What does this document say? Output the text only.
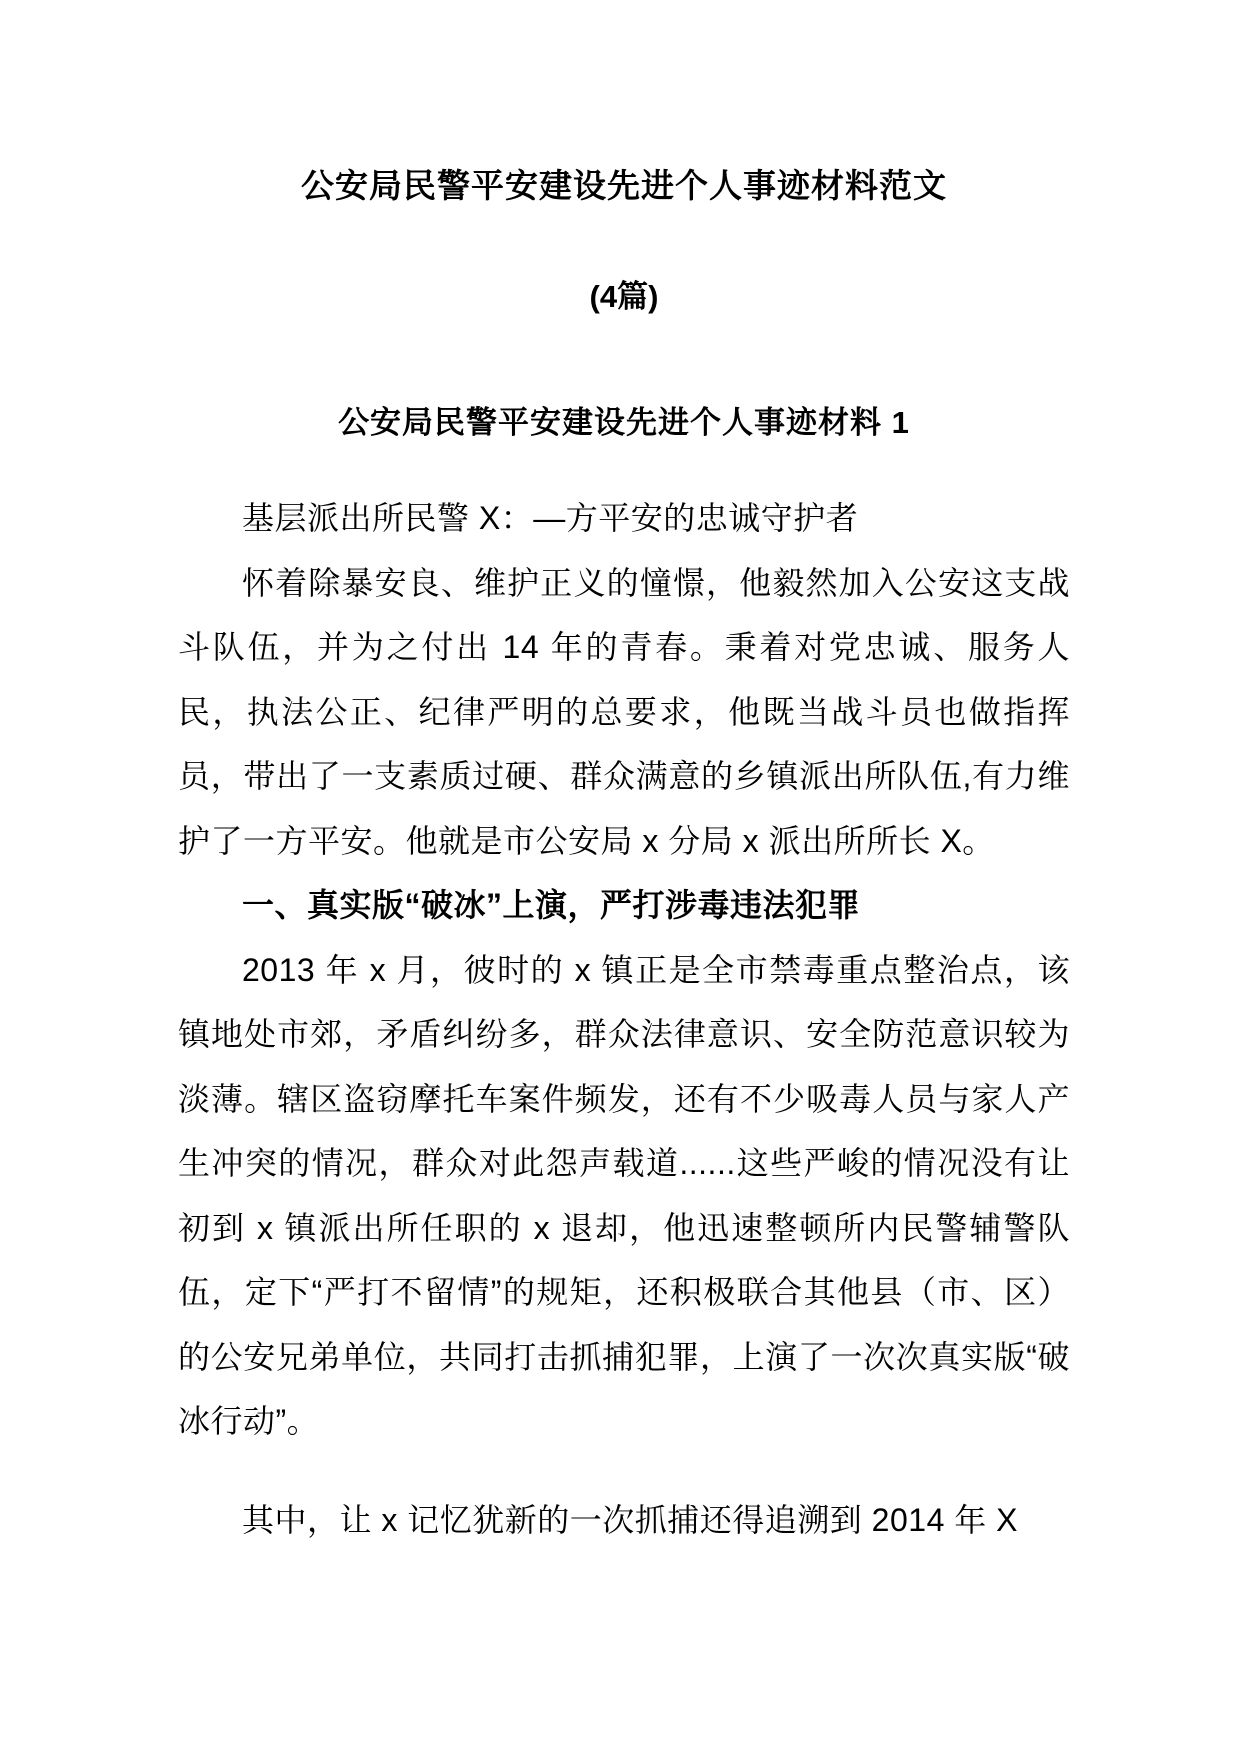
公安局民警平安建设先进个人事迹材料范文
(4篇)
公安局民警平安建设先进个人事迹材料 1

基层派出所民警 X：—方平安的忠诚守护者

怀着除暴安良、维护正义的憧憬，他毅然加入公安这支战斗队伍，并为之付出 14 年的青春。秉着对党忠诚、服务人民，执法公正、纪律严明的总要求，他既当战斗员也做指挥员，带出了一支素质过硬、群众满意的乡镇派出所队伍,有力维护了一方平安。他就是市公安局 x 分局 x 派出所所长 X。

一、真实版“破冰”上演，严打涉毒违法犯罪

2013 年 x 月，彼时的 x 镇正是全市禁毒重点整治点，该镇地处市郊，矛盾纠纷多，群众法律意识、安全防范意识较为淡薄。辖区盗窃摩托车案件频发，还有不少吸毒人员与家人产生冲突的情况，群众对此怨声载道......这些严峻的情况没有让初到 x 镇派出所任职的 x 退却，他迅速整顿所内民警辅警队伍，定下“严打不留情”的规矩，还积极联合其他县（市、区）的公安兄弟单位，共同打击抓捕犯罪，上演了一次次真实版“破冰行动”。

其中，让 x 记忆犹新的一次抓捕还得追溯到 2014 年 X
